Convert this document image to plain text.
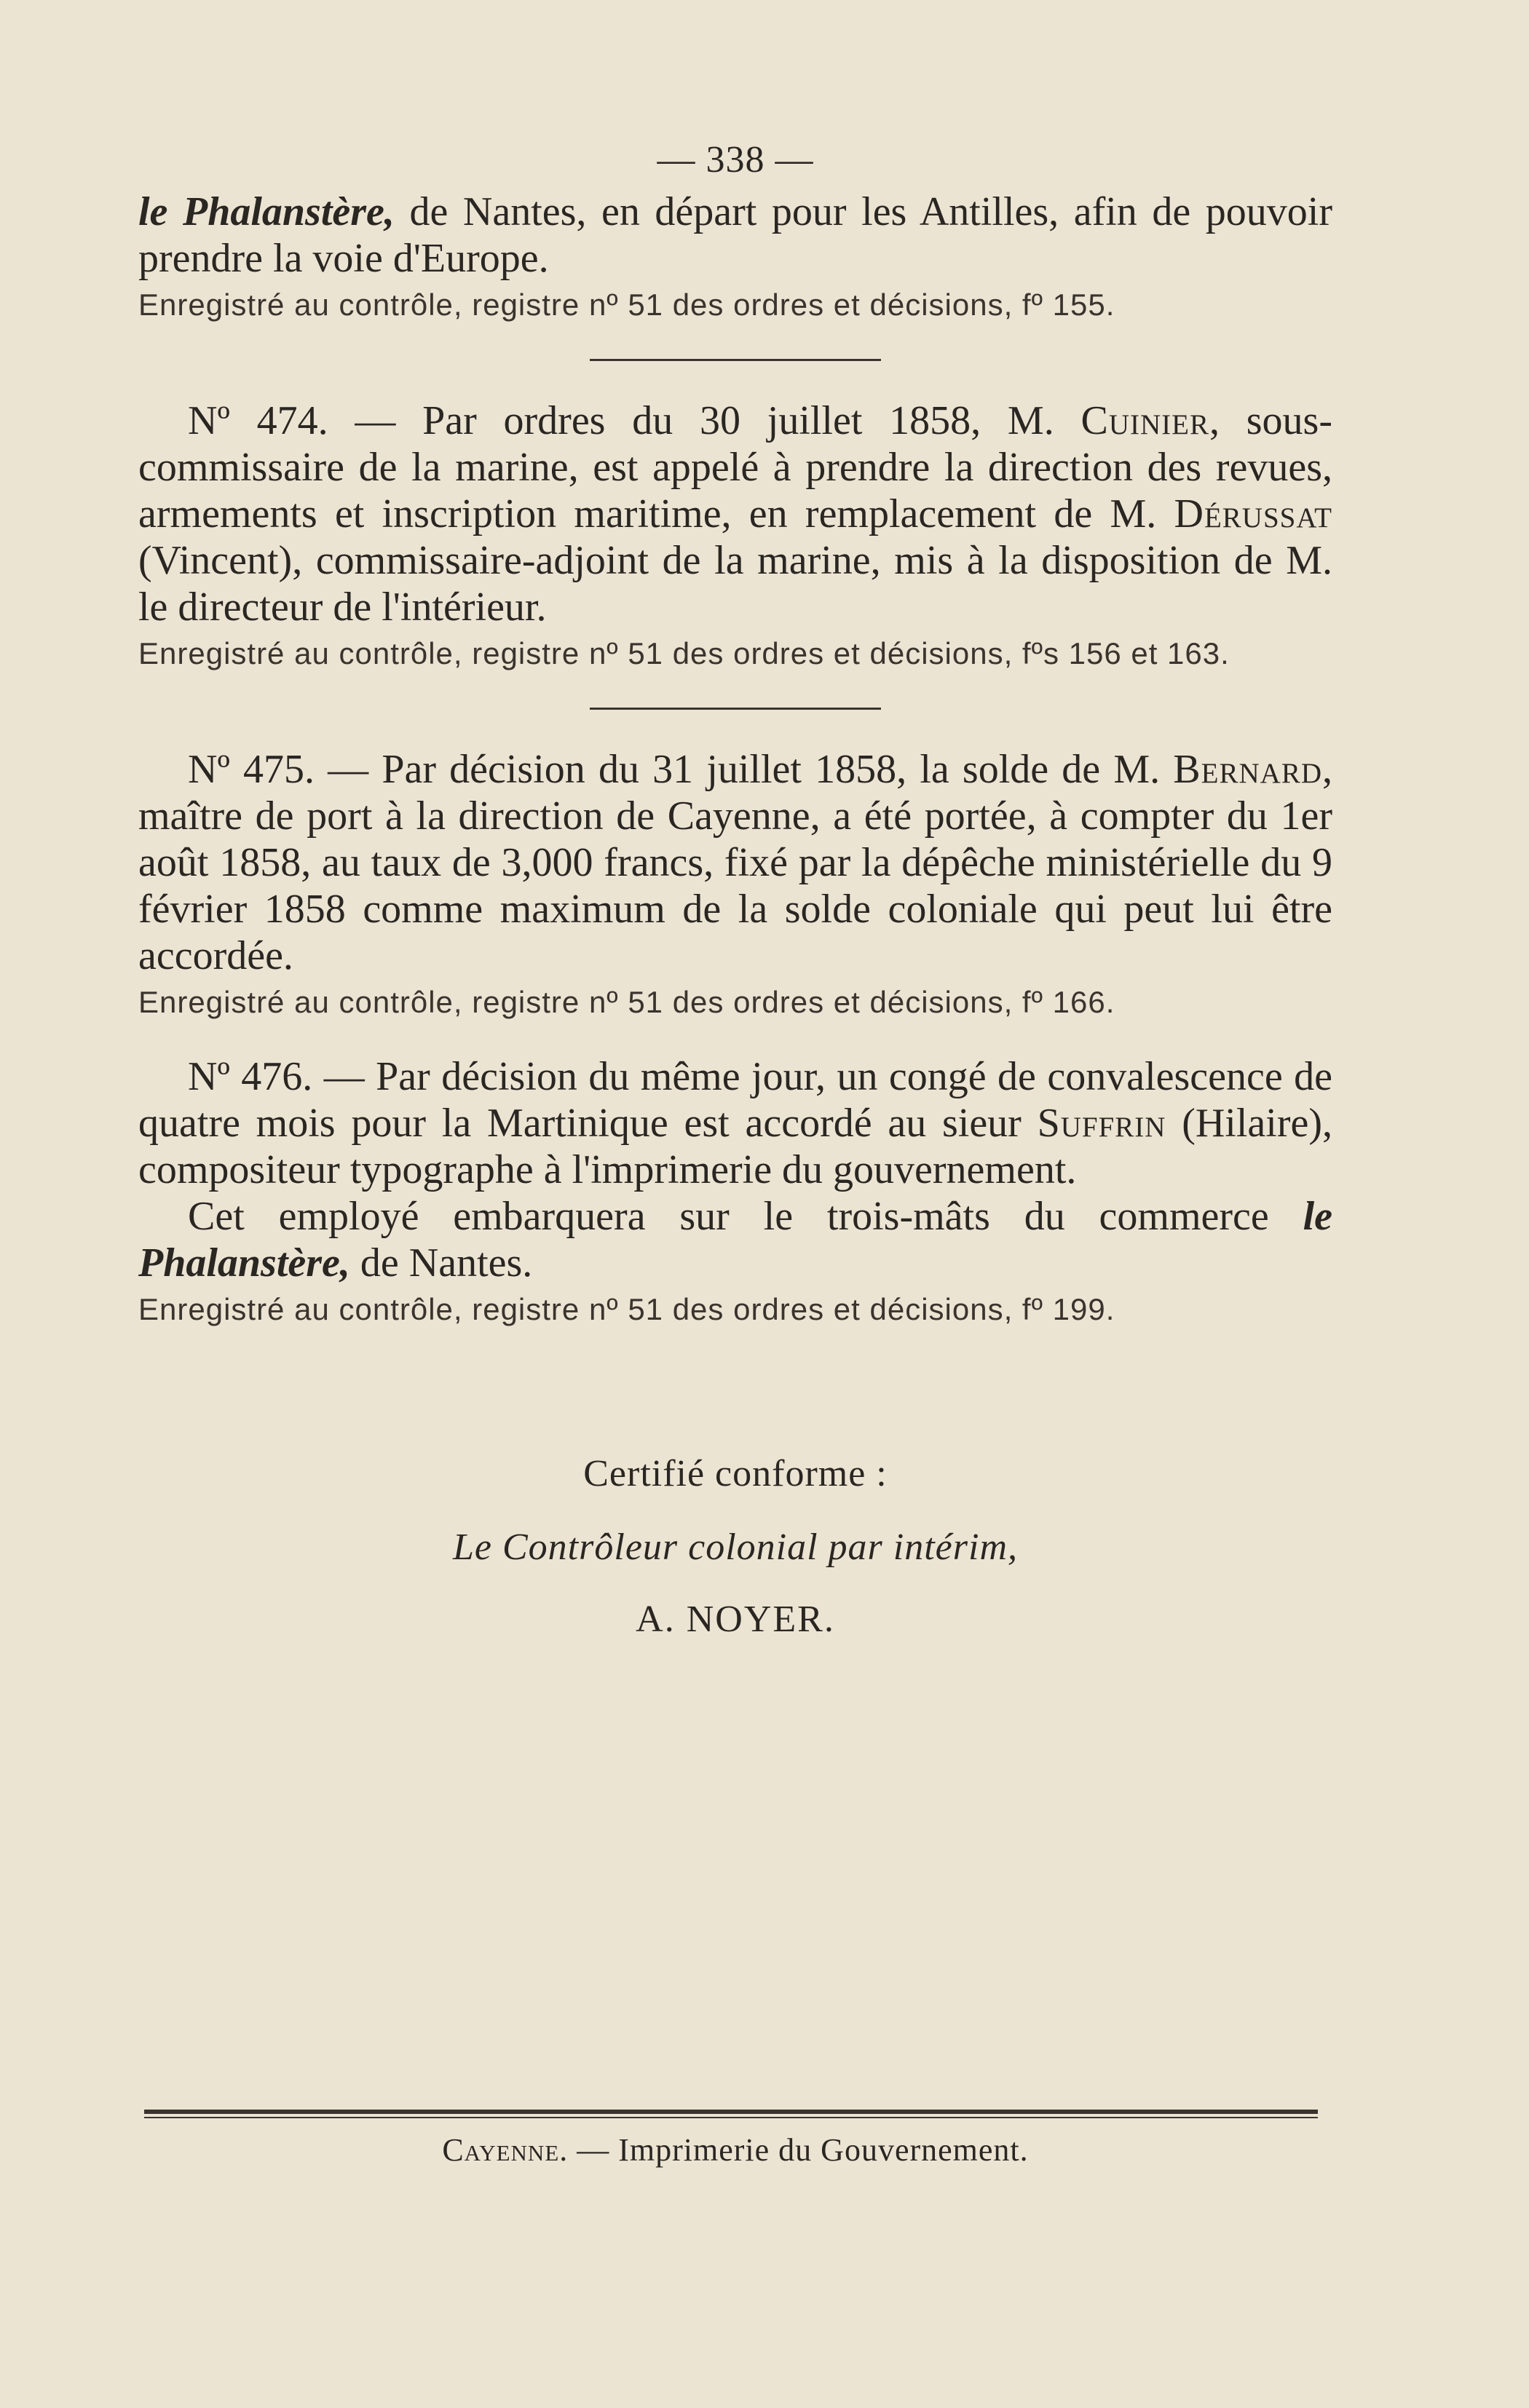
— 338 —

le Phalanstère, de Nantes, en départ pour les Antilles, afin de pouvoir prendre la voie d'Europe.

Enregistré au contrôle, registre nº 51 des ordres et décisions, fº 155.

Nº 474. — Par ordres du 30 juillet 1858, M. Cuinier, sous-commissaire de la marine, est appelé à prendre la direction des revues, armements et inscription maritime, en remplacement de M. Dérussat (Vincent), commissaire-adjoint de la marine, mis à la disposition de M. le directeur de l'intérieur.

Enregistré au contrôle, registre nº 51 des ordres et décisions, fºs 156 et 163.

Nº 475. — Par décision du 31 juillet 1858, la solde de M. Bernard, maître de port à la direction de Cayenne, a été portée, à compter du 1er août 1858, au taux de 3,000 francs, fixé par la dépêche ministérielle du 9 février 1858 comme maximum de la solde coloniale qui peut lui être accordée.

Enregistré au contrôle, registre nº 51 des ordres et décisions, fº 166.

Nº 476. — Par décision du même jour, un congé de convalescence de quatre mois pour la Martinique est accordé au sieur Suffrin (Hilaire), compositeur typographe à l'imprimerie du gouvernement.

Cet employé embarquera sur le trois-mâts du commerce le Phalanstère, de Nantes.

Enregistré au contrôle, registre nº 51 des ordres et décisions, fº 199.

Certifié conforme :
Le Contrôleur colonial par intérim,
A. NOYER.
Cayenne. — Imprimerie du Gouvernement.
